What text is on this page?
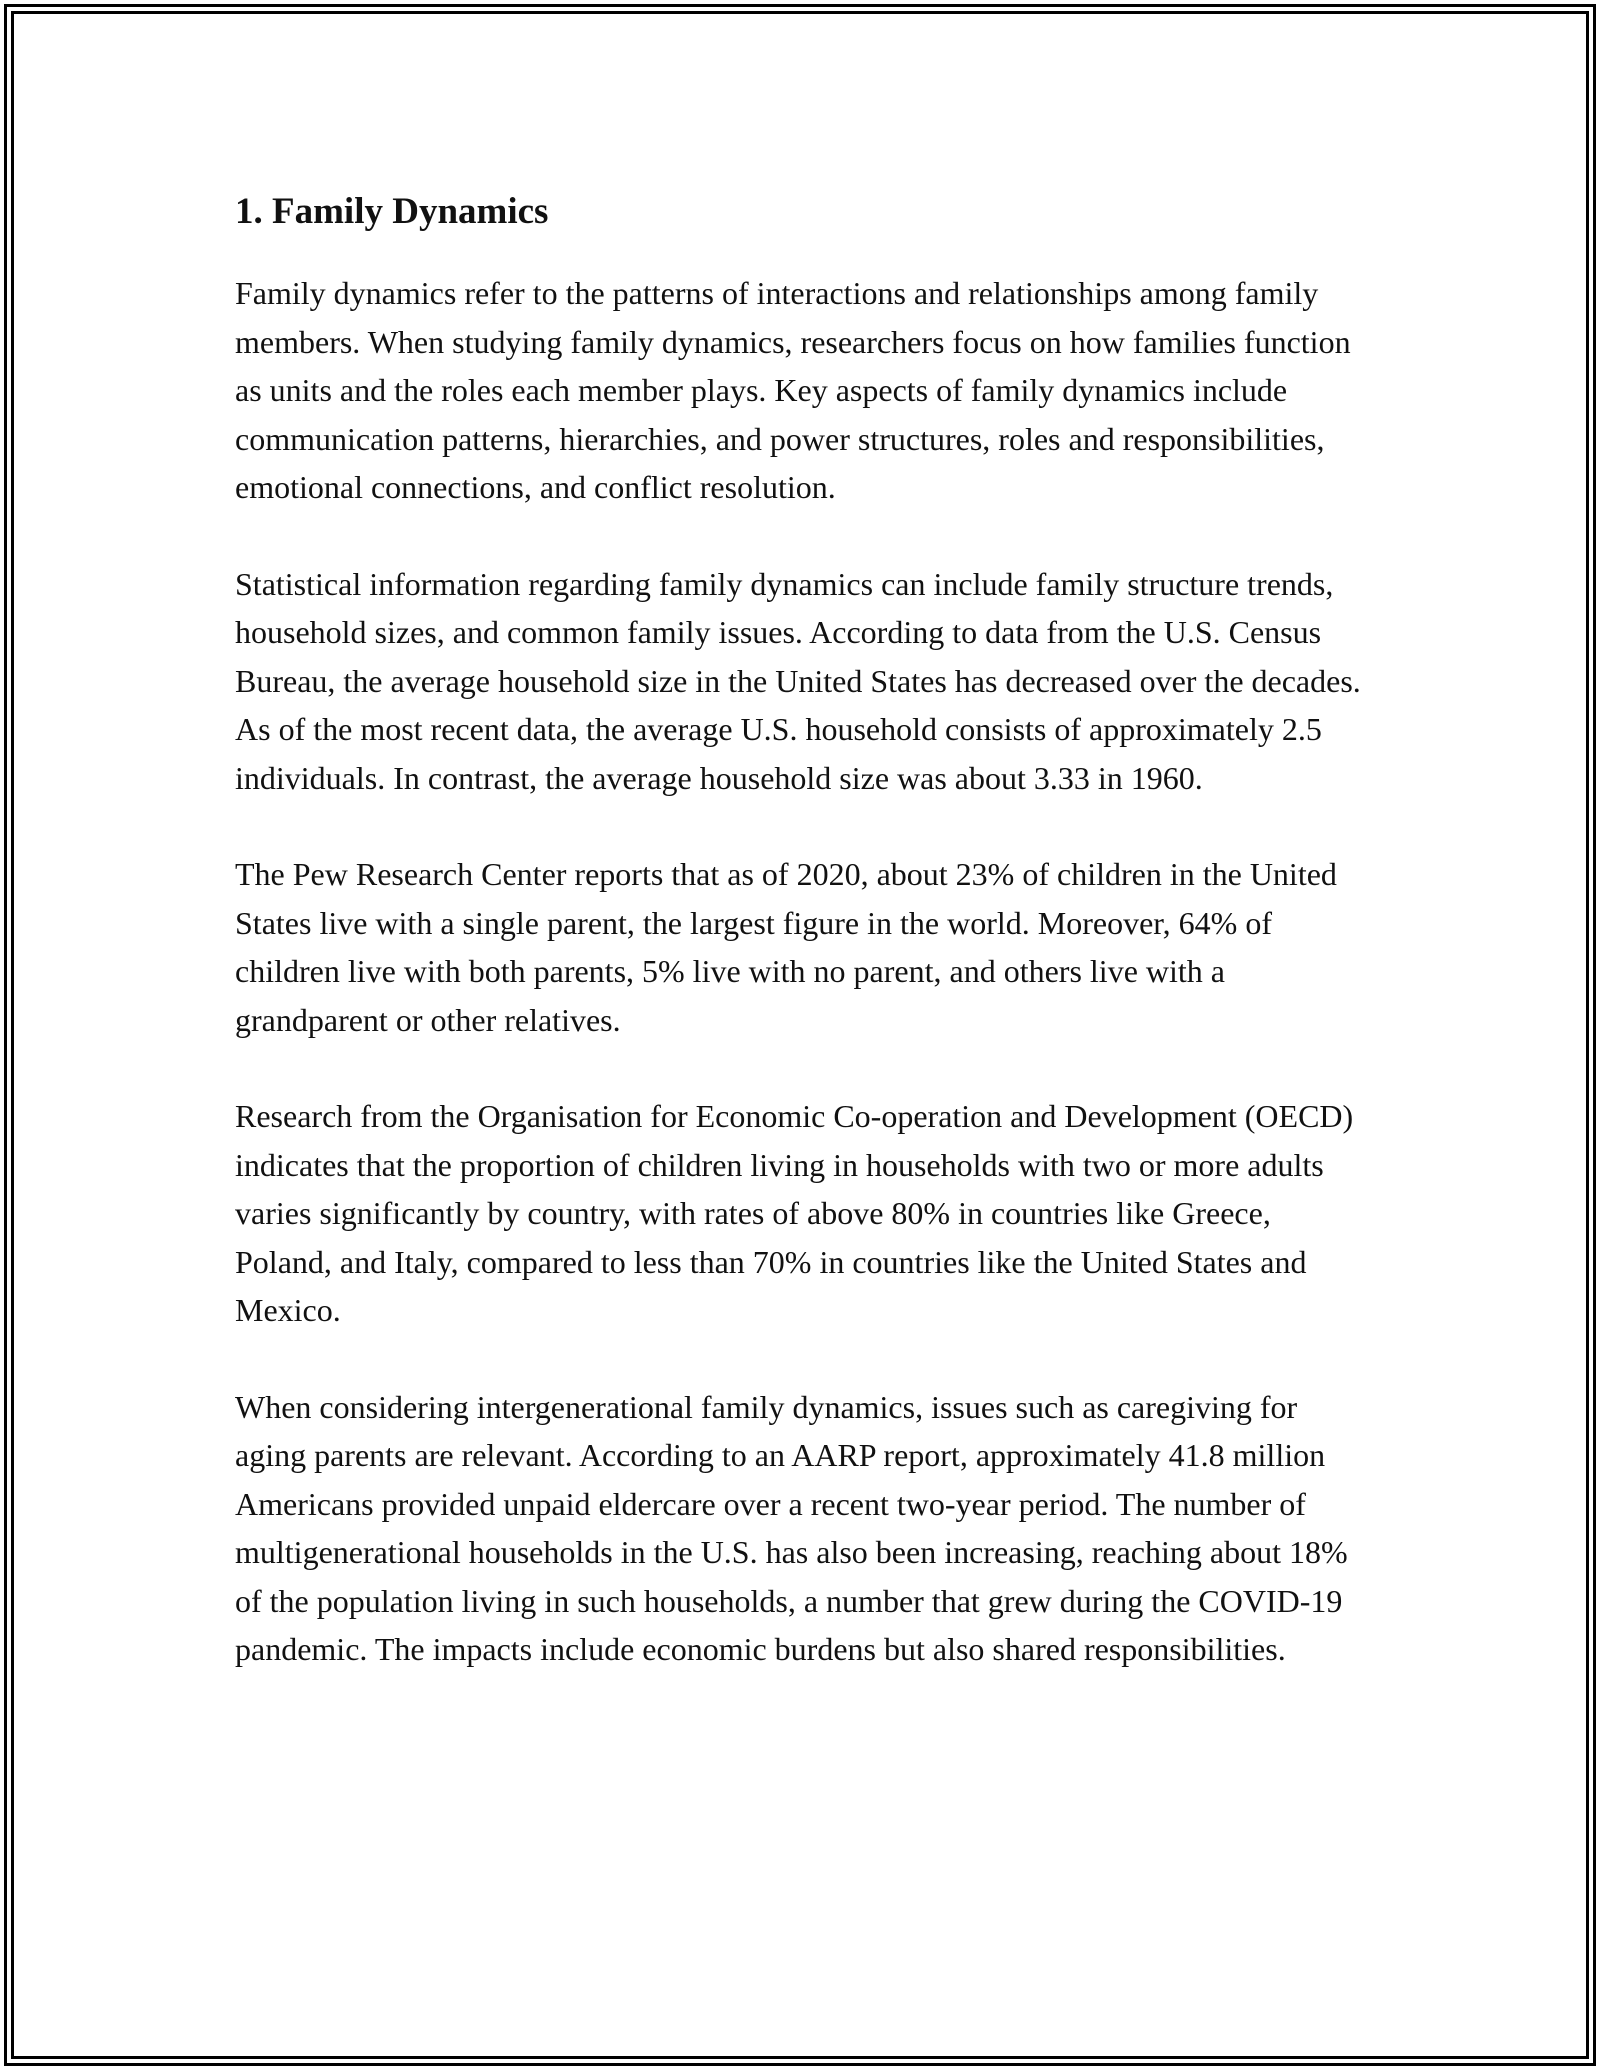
1. Family Dynamics

Family dynamics refer to the patterns of interactions and relationships among family members. When studying family dynamics, researchers focus on how families function as units and the roles each member plays. Key aspects of family dynamics include communication patterns, hierarchies, and power structures, roles and responsibilities, emotional connections, and conflict resolution.

Statistical information regarding family dynamics can include family structure trends, household sizes, and common family issues. According to data from the U.S. Census Bureau, the average household size in the United States has decreased over the decades. As of the most recent data, the average U.S. household consists of approximately 2.5 individuals. In contrast, the average household size was about 3.33 in 1960.

The Pew Research Center reports that as of 2020, about 23% of children in the United States live with a single parent, the largest figure in the world. Moreover, 64% of children live with both parents, 5% live with no parent, and others live with a grandparent or other relatives.

Research from the Organisation for Economic Co-operation and Development (OECD) indicates that the proportion of children living in households with two or more adults varies significantly by country, with rates of above 80% in countries like Greece, Poland, and Italy, compared to less than 70% in countries like the United States and Mexico.

When considering intergenerational family dynamics, issues such as caregiving for aging parents are relevant. According to an AARP report, approximately 41.8 million Americans provided unpaid eldercare over a recent two-year period. The number of multigenerational households in the U.S. has also been increasing, reaching about 18% of the population living in such households, a number that grew during the COVID-19 pandemic. The impacts include economic burdens but also shared responsibilities.
